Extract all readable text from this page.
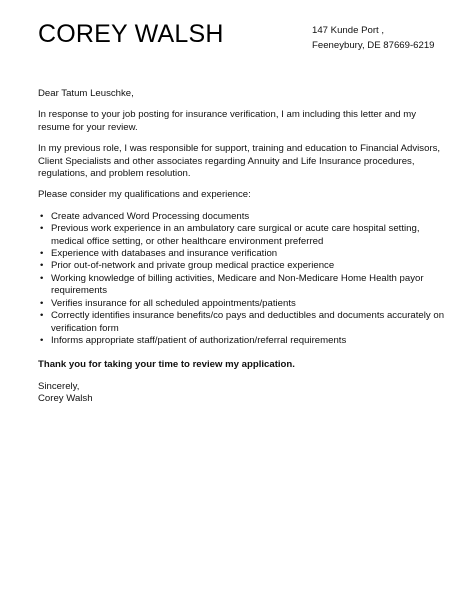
COREY WALSH	147 Kunde Port ,
Feeneybury, DE 87669-6219

Dear Tatum Leuschke,

In response to your job posting for insurance verification, I am including this letter and my resume for your review.

In my previous role, I was responsible for support, training and education to Financial Advisors, Client Specialists and other associates regarding Annuity and Life Insurance procedures, regulations, and problem resolution.

Please consider my qualifications and experience:

• Create advanced Word Processing documents
• Previous work experience in an ambulatory care surgical or acute care hospital setting, medical office setting, or other healthcare environment preferred
• Experience with databases and insurance verification
• Prior out-of-network and private group medical practice experience
• Working knowledge of billing activities, Medicare and Non-Medicare Home Health payor requirements
• Verifies insurance for all scheduled appointments/patients
• Correctly identifies insurance benefits/co pays and deductibles and documents accurately on verification form
• Informs appropriate staff/patient of authorization/referral requirements

Thank you for taking your time to review my application.

Sincerely,
Corey Walsh
